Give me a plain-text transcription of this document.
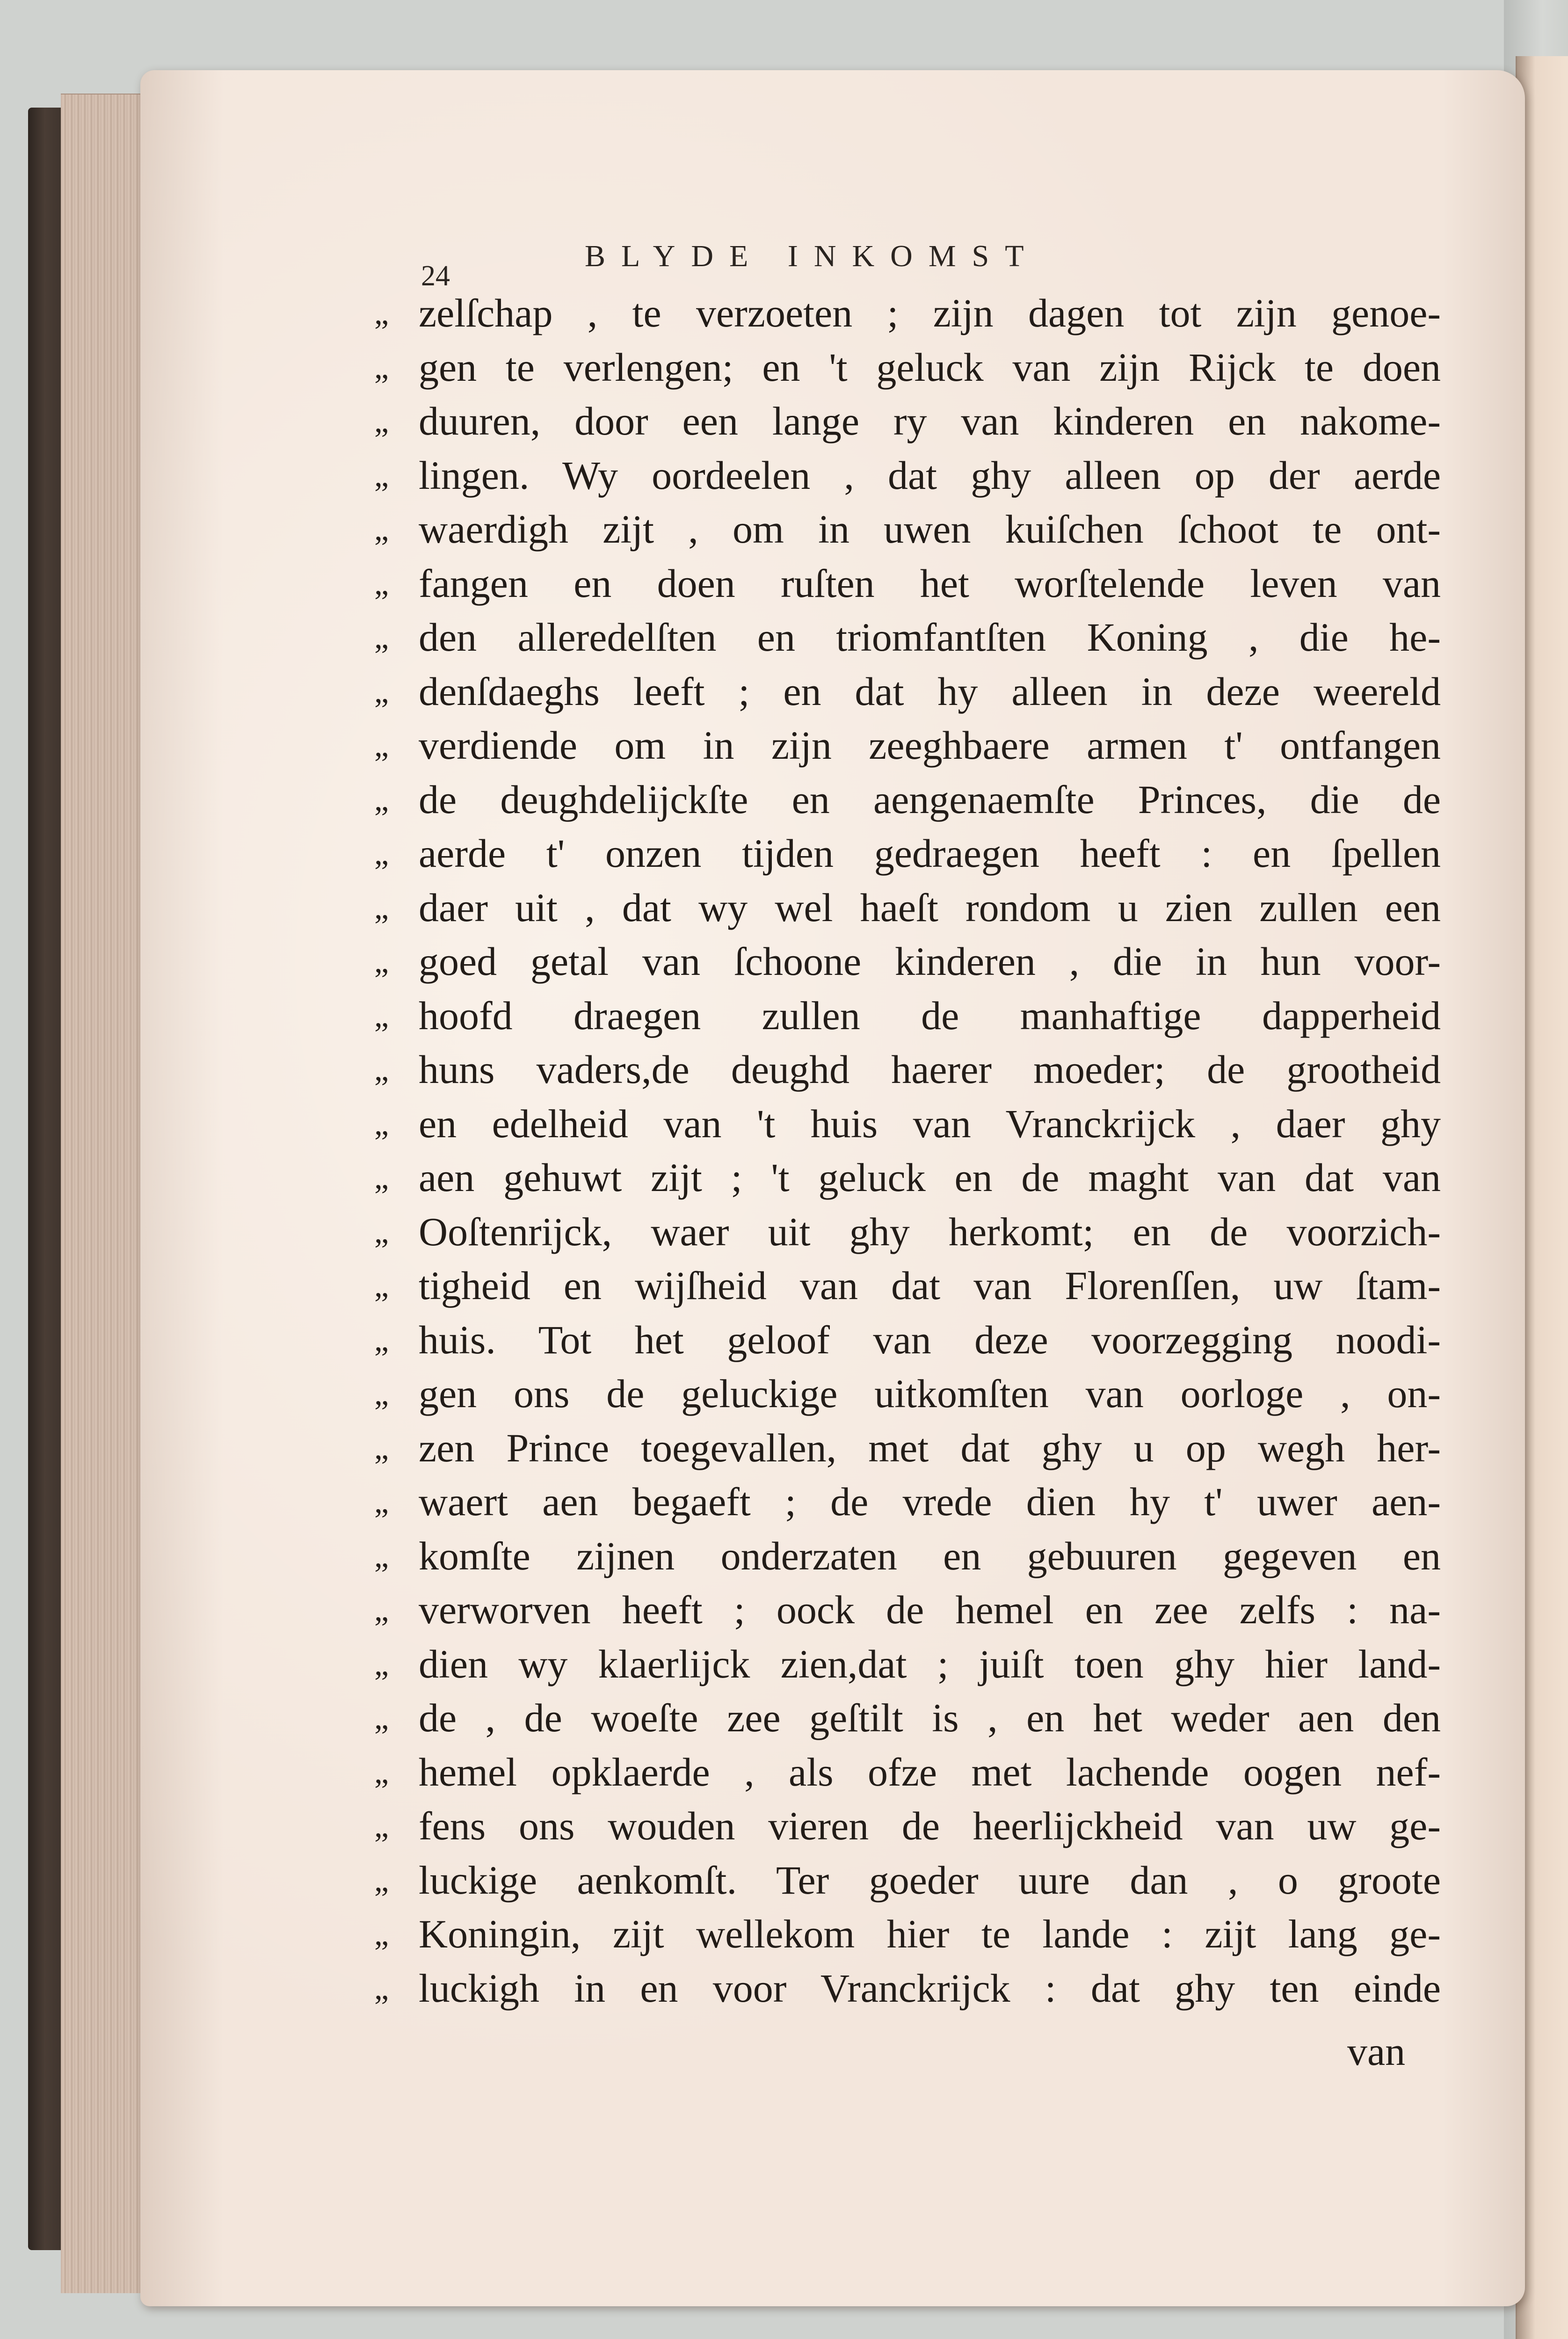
24
BLYDE INKOMST
„ zelſchap , te verzoeten ; zijn dagen tot zijn genoe-
„ gen te verlengen; en 't geluck van zijn Rijck te doen
„ duuren, door een lange ry van kinderen en nakome-
„ lingen. Wy oordeelen , dat ghy alleen op der aerde
„ waerdigh zijt , om in uwen kuiſchen ſchoot te ont-
„ fangen en doen ruſten het worſtelende leven van
„ den alleredelſten en triomfantſten Koning , die he-
„ denſdaeghs leeft ; en dat hy alleen in deze weereld
„ verdiende om in zijn zeeghbaere armen t' ontfangen
„ de deughdelijckſte en aengenaemſte Princes, die de
„ aerde t' onzen tijden gedraegen heeft : en ſpellen
„ daer uit , dat wy wel haeſt rondom u zien zullen een
„ goed getal van ſchoone kinderen , die in hun voor-
„ hoofd draegen zullen de manhaftige dapperheid
„ huns vaders,de deughd haerer moeder; de grootheid
„ en edelheid van 't huis van Vranckrijck , daer ghy
„ aen gehuwt zijt ; 't geluck en de maght van dat van
„ Ooſtenrijck, waer uit ghy herkomt; en de voorzich-
„ tigheid en wijſheid van dat van Florenſſen, uw ſtam-
„ huis. Tot het geloof van deze voorzegging noodi-
„ gen ons de geluckige uitkomſten van oorloge , on-
„ zen Prince toegevallen, met dat ghy u op wegh her-
„ waert aen begaeft ; de vrede dien hy t' uwer aen-
„ komſte zijnen onderzaten en gebuuren gegeven en
„ verworven heeft ; oock de hemel en zee zelfs : na-
„ dien wy klaerlijck zien,dat ; juiſt toen ghy hier land-
„ de , de woeſte zee geſtilt is , en het weder aen den
„ hemel opklaerde , als ofze met lachende oogen nef-
„ fens ons wouden vieren de heerlijckheid van uw ge-
„ luckige aenkomſt. Ter goeder uure dan , o groote
„ Koningin, zijt wellekom hier te lande : zijt lang ge-
„ luckigh in en voor Vranckrijck : dat ghy ten einde
van
